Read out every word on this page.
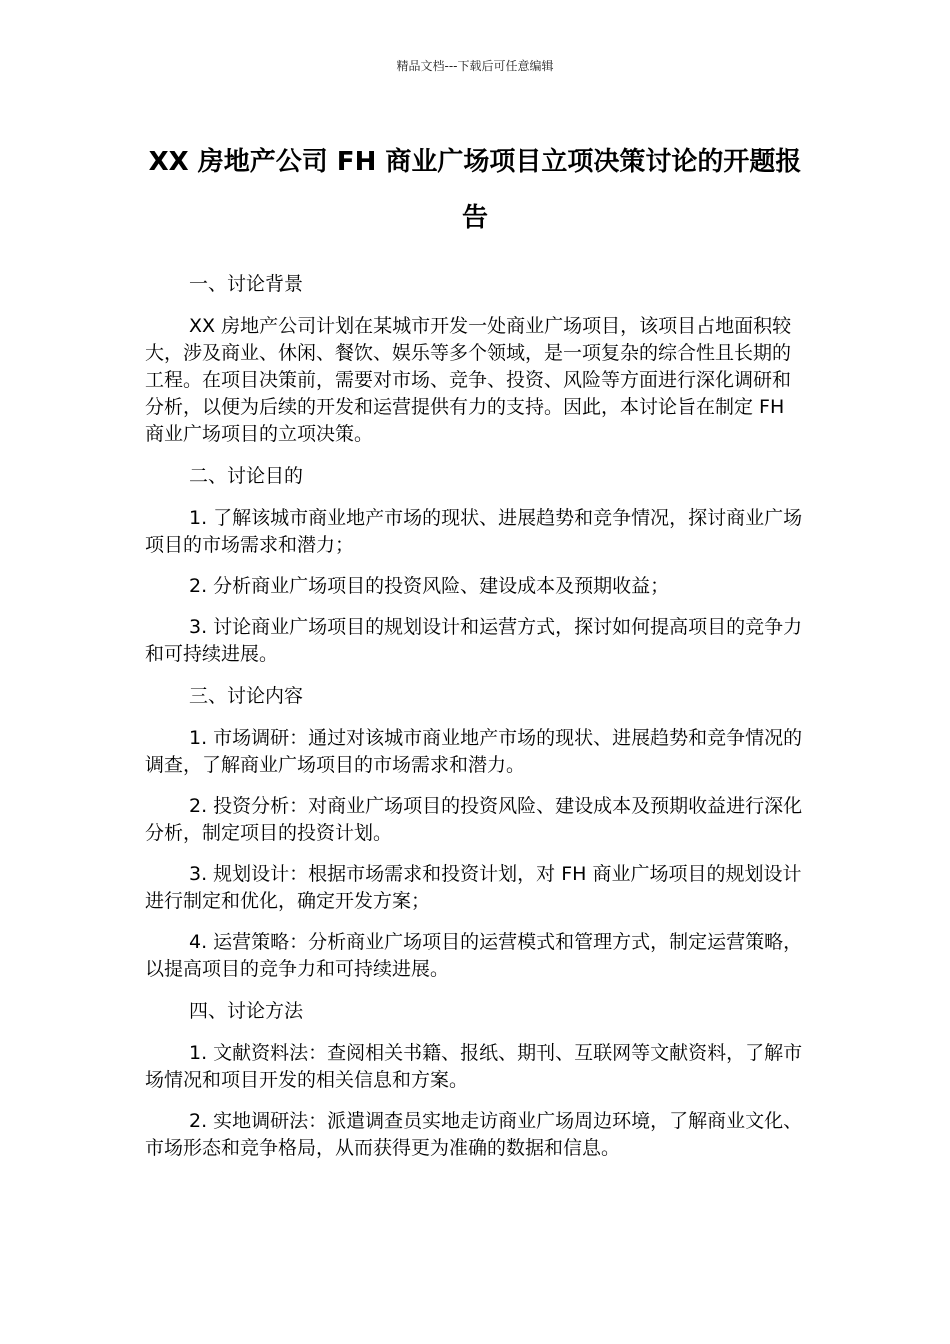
精品文档---下载后可任意编辑
XX 房地产公司 FH 商业广场项目立项决策讨论的开题报告

一、讨论背景

XX 房地产公司计划在某城市开发一处商业广场项目，该项目占地面积较大，涉及商业、休闲、餐饮、娱乐等多个领域，是一项复杂的综合性且长期的工程。在项目决策前，需要对市场、竞争、投资、风险等方面进行深化调研和分析，以便为后续的开发和运营提供有力的支持。因此，本讨论旨在制定 FH 商业广场项目的立项决策。

二、讨论目的

1. 了解该城市商业地产市场的现状、进展趋势和竞争情况，探讨商业广场项目的市场需求和潜力；

2. 分析商业广场项目的投资风险、建设成本及预期收益；

3. 讨论商业广场项目的规划设计和运营方式，探讨如何提高项目的竞争力和可持续进展。

三、讨论内容

1. 市场调研：通过对该城市商业地产市场的现状、进展趋势和竞争情况的调查，了解商业广场项目的市场需求和潜力。

2. 投资分析：对商业广场项目的投资风险、建设成本及预期收益进行深化分析，制定项目的投资计划。

3. 规划设计：根据市场需求和投资计划，对 FH 商业广场项目的规划设计进行制定和优化，确定开发方案；

4. 运营策略：分析商业广场项目的运营模式和管理方式，制定运营策略，以提高项目的竞争力和可持续进展。

四、讨论方法

1. 文献资料法：查阅相关书籍、报纸、期刊、互联网等文献资料，了解市场情况和项目开发的相关信息和方案。

2. 实地调研法：派遣调查员实地走访商业广场周边环境，了解商业文化、市场形态和竞争格局，从而获得更为准确的数据和信息。
